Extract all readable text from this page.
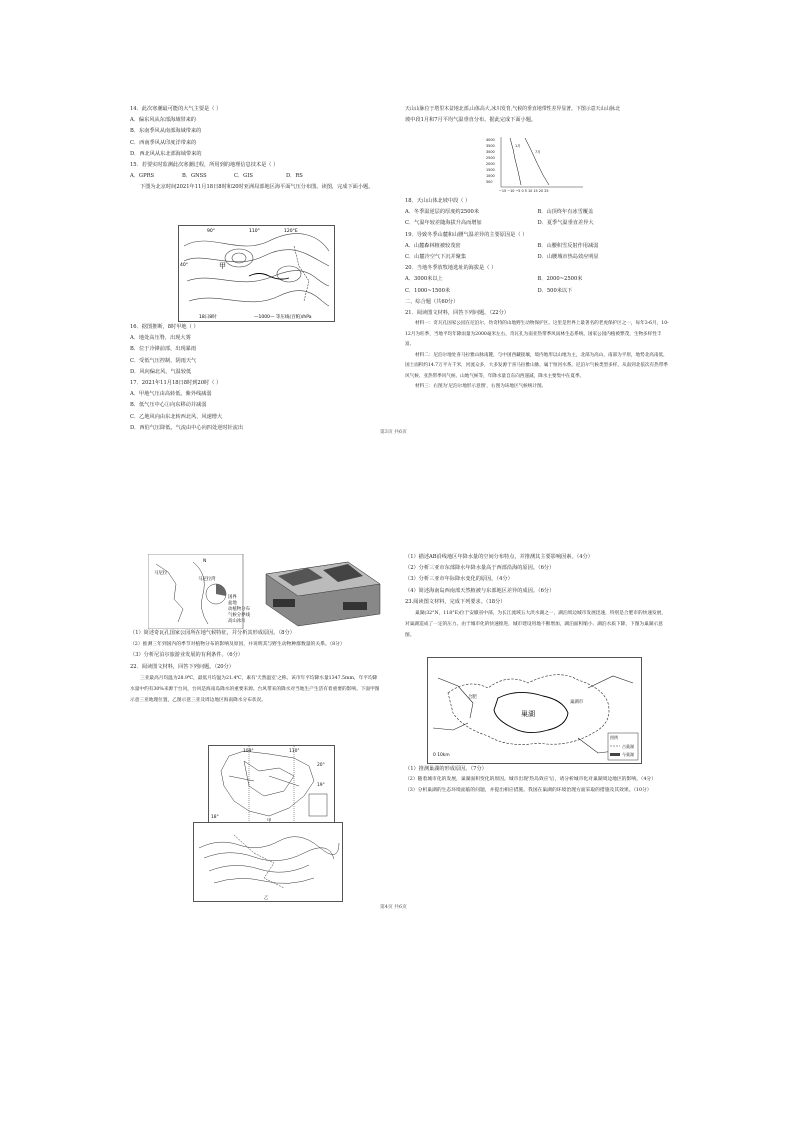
14．此次寒潮最可能的大气主要是（ ）

A．偏东风从东部海域带来的

B．东南季风从南部海域带来的

C．西南季风从印度洋带来的

D．西北风从东北部海域带来的

15．若要实时监测此次寒潮过程，所用到的地理信息技术是（ ）

A．GPRS	B．GNSS	C．GIS	D．RS

下图为北京时间2021年11月18日8时和20时亚洲局部地区海平面气压分布图。读图，完成下面小题。

90°	110°	120°E
40°	甲
18日8时	—1000— 等压线(百帕)/hPa

16．据图推断，8时甲地（ ）

A．地处高压脊，出现大雾

B．位于冷锋前部，出现暴雨

C．受低气压控制，阴雨天气

D．风向偏北风，气温较低

17．2021年11月18日8时到20时（ ）

A．甲地气压由高转低，紫外线减弱

B．低气压中心①向东移动并减弱

C．乙地风向由东北转西北风，风速增大

D．西伯气压降低，气流由中心向四处逆时针流出

天山山脉位于塔里木盆地北部,山体高大,冰川发育,气候的垂直地带性差异显著。下图示意天山山脉北

坡中段1月和7月平均气温垂直分布。据此完成下面小题。

4000
3500
3000
2500
2000
1500
1000
500
−15 −10 −5 0 5 10 15 20 25
1月
7月

18．天山山体北坡中段（ ）

A．冬季温逆层的厚度约2500米	B．山顶终年有冰雪覆盖

C．气温年较差随海拔升高而增加	D．夏季气温垂直差异大

19．导致冬季山麓和山腰气温差异的主要原因是（ ）

A．山麓森林植被较茂密	B．山腰积雪反射作用减弱

C．山麓冷空气下沉并聚集	D．山腰城市热岛效应明显

20．当地冬季放牧地选址的海拔是（ ）

A．3000米以上	B．2000~2500米

C．1000~1500米	D．500米以下

二、综合题（共60分）

21．阅读图文材料，回答下列问题。（22分）

材料一：奇瓦孔国家公园在尼泊尔，伪奇特的山地野生动物保护区。这里是世界上最著名的老虎保护区之一，每年3-6月，10-12月为旺季，当地平均年降雨量为2000毫米左右，奇瓦孔为南亚热带季风雨林生态系统，国家公园内植被繁茂，生物多样性丰富。

材料二：尼泊尔地处喜马拉雅山脉南麓，与中国西藏接壤，境内地形以山地为主，北部为高山，南部为平原，地势北高南低，国土面积约14.7万平方千米，河流众多，大多发源于喜马拉雅山脉，属于恒河水系。尼泊尔气候类型多样，从南到北依次有热带季风气候、亚热带季风气候、山地气候等，年降水量自东向西递减，降水主要集中在夏季。

材料三：右图为'尼泊尔地形示意图'，右图为该地区气候统计图。

第3页 共6页
N
马尼拉
马尼拉湾
国界
盆地
动植物分布
气候分界线
高山冰川

（1）简述奇瓦孔国家公园所在地气候特征，并分析其形成原因。（8分）

（2）推测三年到国内的季节对植物分布的影响及原因，并说明其与野生动物种群数量的关系。（8分）

（3）分析尼泊尔旅游业发展的有利条件。（6分）

22．阅读图文材料，回答下列问题。（20分）

三亚最高月均温为28.9℃，最低月均温为21.4℃，素有'天然温室'之称。该市年平均降水量1347.5mm，年平均降水量中约有30%来源于台风，台风是海南岛降水的重要来源。台风带来的降水对当地生产生活有着重要的影响。下面甲图示意三亚地理位置，乙图示意三亚及周边地区海南降水分布状况。

109°	110°
20°
19°
18°
乙

（1）描述AB沿线地区年降水量的空间分布特点，并推测其主要影响因素。（4分）

（2）分析三亚市东部降水年降水量高于西部沿海的原因。（6分）

（3）分析三亚市年际降水变化的原因。（4分）

（4）简述海南岛西南部天然植被与东部地区差异的成因。（6分）

23.阅读图文材料，完成下列要求。（18分）

巢湖(32°N，118°E)位于安徽省中部，为长江流域五大淡水湖之一，湖泊周边城市发展迅速，特别是合肥市的快速发展，对巢湖造成了一定的压力。由于城市化的快速推进，城市建设用地不断增加，湖泊面积缩小、湖泊水质下降，下图为巢湖示意图。

巢湖
合肥
巢湖市
0 10km
图例
古巢湖
今巢湖

（1）推测巢湖的形成原因。（7分）

（2）随着城市化的发展，巢湖面积变化的原因。城市出现'热岛效应'后，请分析城市化对巢湖周边地区的影响。（4分）

（3）分析巢湖的生态环境面临的问题，并提出相应措施。我国在巢湖的环境治理方面采取的措施及其效果。（10分）

第4页 共6页
